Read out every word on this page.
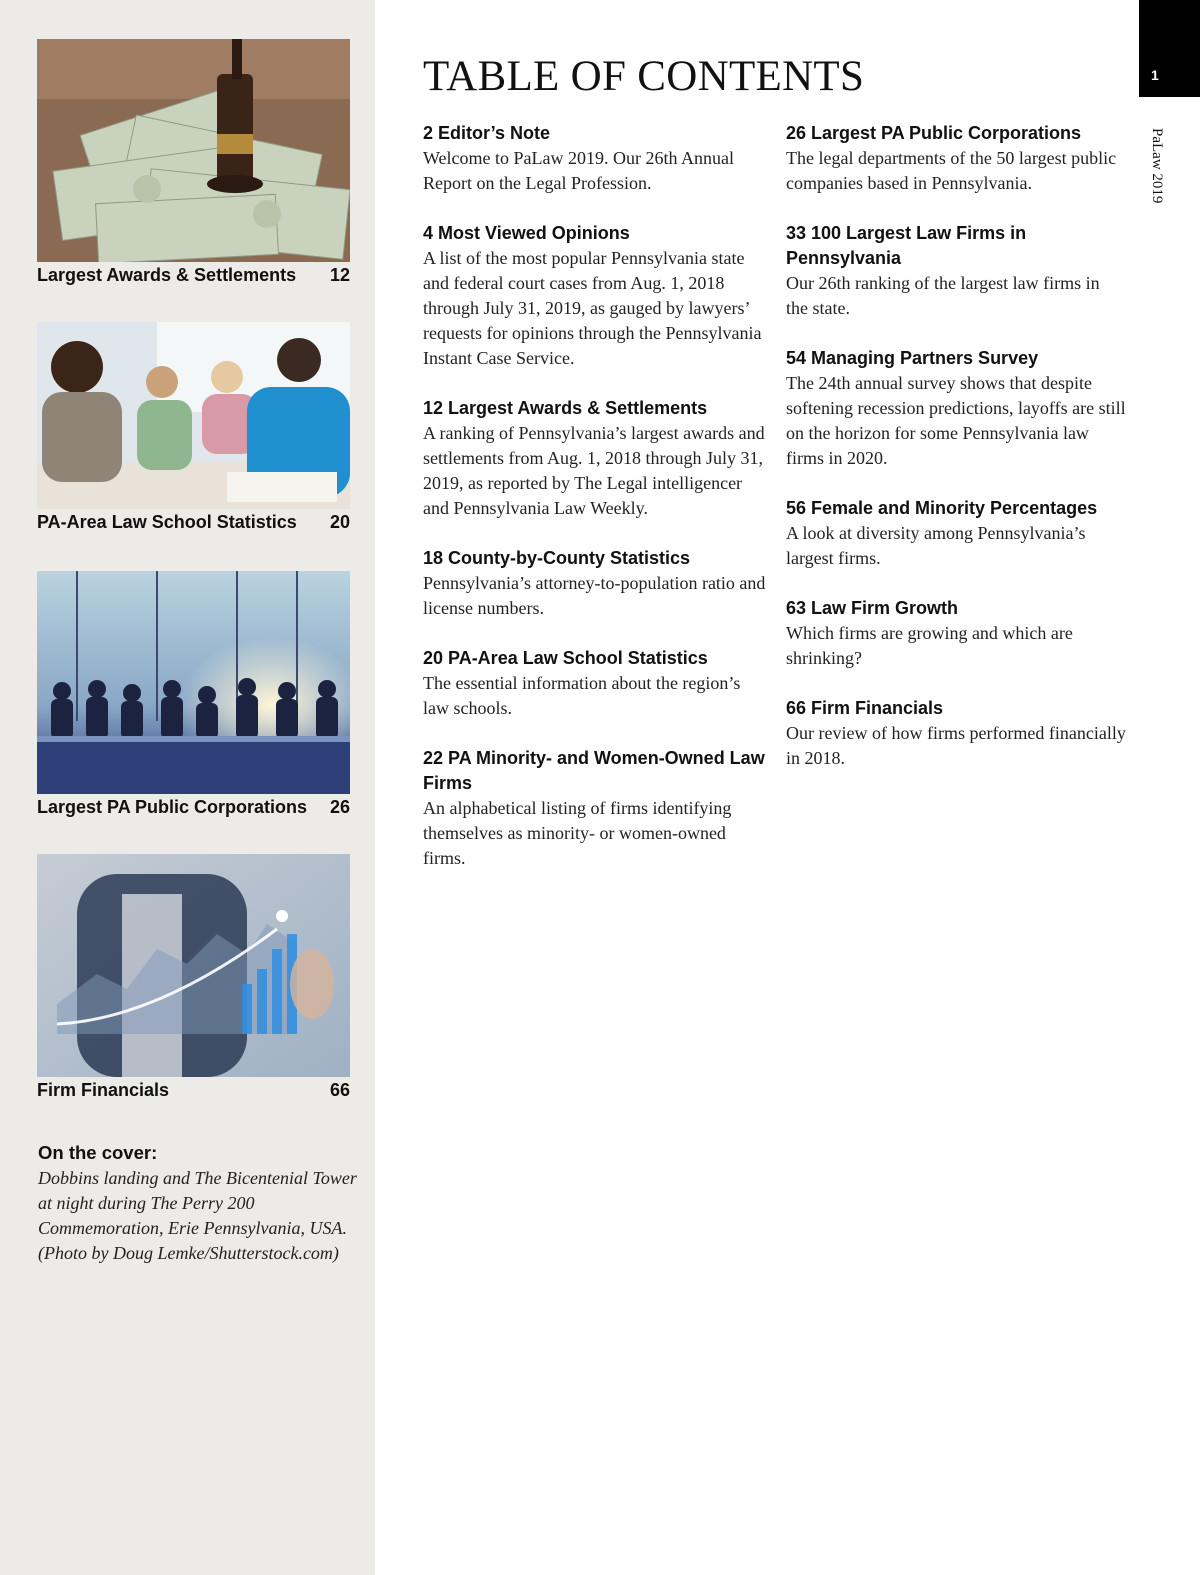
Largest Awards & Settlements 12
PA-Area Law School Statistics 20
Largest PA Public Corporations 26
Firm Financials	66
On the cover:
Dobbins landing and The Bicentenial Tower at night during The Perry 200 Commemoration, Erie Pennsylvania, USA. (Photo by Doug Lemke/Shutterstock.com)
TABLE OF CONTENTS	1
PaLaw 2019
2 Editor’s Note
Welcome to PaLaw 2019. Our 26th Annual Report on the Legal Profession.
4 Most Viewed Opinions
A list of the most popular Pennsylvania state and federal court cases from Aug. 1, 2018 through July 31, 2019, as gauged by lawyers’ requests for opinions through the Pennsylvania Instant Case Service.
12 Largest Awards & Settlements
A ranking of Pennsylvania’s largest awards and settlements from Aug. 1, 2018 through July 31, 2019, as reported by The Legal intelligencer and Pennsylvania Law Weekly.
18 County-by-County Statistics
Pennsylvania’s attorney-to-population ratio and license numbers.
20 PA-Area Law School Statistics
The essential information about the region’s law schools.
22 PA Minority- and Women-Owned Law Firms
An alphabetical listing of firms identifying themselves as minority- or women-owned firms.
26 Largest PA Public Corporations
The legal departments of the 50 largest public companies based in Pennsylvania.
33 100 Largest Law Firms in Pennsylvania
Our 26th ranking of the largest law firms in the state.
54 Managing Partners Survey
The 24th annual survey shows that despite softening recession predictions, layoffs are still on the horizon for some Pennsylvania law firms in 2020.
56 Female and Minority Percentages
A look at diversity among Pennsylvania’s largest firms.
63 Law Firm Growth
Which firms are growing and which are shrinking?
66 Firm Financials
Our review of how firms performed financially in 2018.
